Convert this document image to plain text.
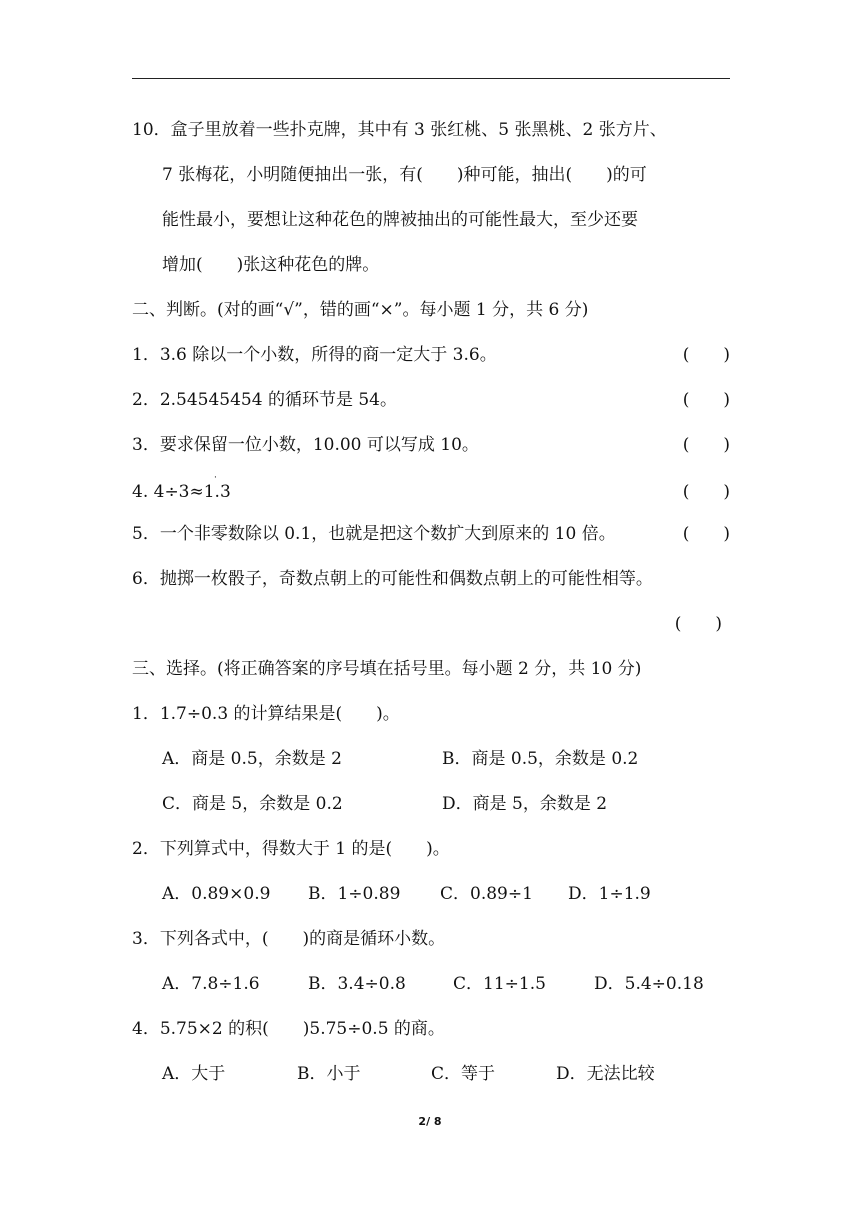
10．盒子里放着一些扑克牌，其中有 3 张红桃、5 张黑桃、2 张方片、
7 张梅花，小明随便抽出一张，有(　　)种可能，抽出(　　)的可
能性最小，要想让这种花色的牌被抽出的可能性最大，至少还要
增加(　　)张这种花色的牌。
二、判断。(对的画“√”，错的画“×”。每小题 1 分，共 6 分)
1．3.6 除以一个小数，所得的商一定大于 3.6。	(　　)
2．2.54545454 的循环节是 54。	(　　)
3．要求保留一位小数，10.00 可以写成 10。	(　　)
·
4. 4÷3≈1.3	(　　)
5．一个非零数除以 0.1，也就是把这个数扩大到原来的 10 倍。	(　　)
6．抛掷一枚骰子，奇数点朝上的可能性和偶数点朝上的可能性相等。
(　　)
三、选择。(将正确答案的序号填在括号里。每小题 2 分，共 10 分)
1．1.7÷0.3 的计算结果是(　　)。
A．商是 0.5，余数是 2	B．商是 0.5，余数是 0.2
C．商是 5，余数是 0.2	D．商是 5，余数是 2
2．下列算式中，得数大于 1 的是(　　)。
A．0.89×0.9 B．1÷0.89 C．0.89÷1 D．1÷1.9
3．下列各式中，(　　)的商是循环小数。
A．7.8÷1.6	B．3.4÷0.8	C．11÷1.5	D．5.4÷0.18
4．5.75×2 的积(　　)5.75÷0.5 的商。
A．大于	B．小于	C．等于	D．无法比较
2/ 8
